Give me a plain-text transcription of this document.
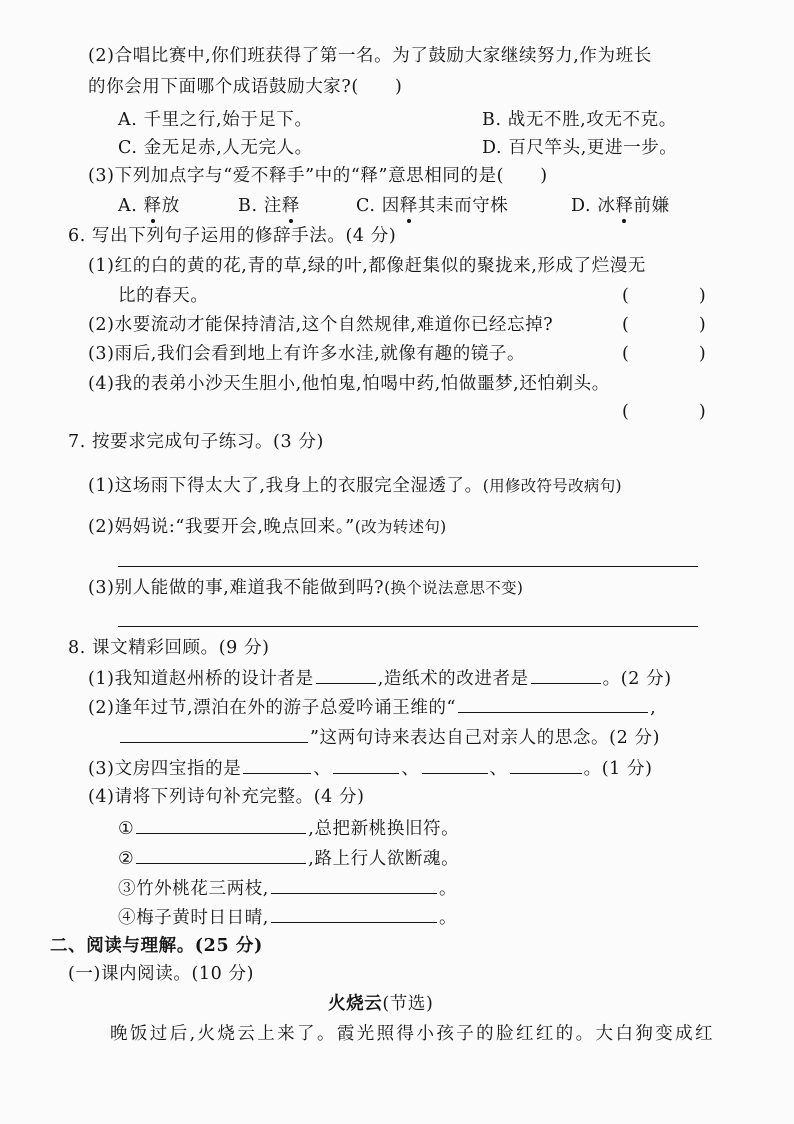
(2)合唱比赛中,你们班获得了第一名。为了鼓励大家继续努力,作为班长
的你会用下面哪个成语鼓励大家?(　　)
A. 千里之行,始于足下。	B. 战无不胜,攻无不克。
C. 金无足赤,人无完人。	D. 百尺竿头,更进一步。
(3)下列加点字与“爱不释手”中的“释”意思相同的是(　　)
A. 释放	B. 注释	C. 因释其耒而守株	D. 冰释前嫌
6. 写出下列句子运用的修辞手法。(4 分)
(1)红的白的黄的花,青的草,绿的叶,都像赶集似的聚拢来,形成了烂漫无
比的春天。	(　　　　)
(2)水要流动才能保持清洁,这个自然规律,难道你已经忘掉?	(　　　　)
(3)雨后,我们会看到地上有许多水洼,就像有趣的镜子。	(　　　　)
(4)我的表弟小沙天生胆小,他怕鬼,怕喝中药,怕做噩梦,还怕剃头。
(　　　　)
7. 按要求完成句子练习。(3 分)
(1)这场雨下得太大了,我身上的衣服完全湿透了。(用修改符号改病句)
(2)妈妈说:“我要开会,晚点回来。”(改为转述句)
(3)别人能做的事,难道我不能做到吗?(换个说法意思不变)
8. 课文精彩回顾。(9 分)
(1)我知道赵州桥的设计者是	,造纸术的改进者是	。(2 分)
(2)逢年过节,漂泊在外的游子总爱吟诵王维的“	,
”这两句诗来表达自己对亲人的思念。(2 分)
(3)文房四宝指的是	、	、	、	。(1 分)
(4)请将下列诗句补充完整。(4 分)
①	,总把新桃换旧符。
②	,路上行人欲断魂。
③竹外桃花三两枝,	。
④梅子黄时日日晴,	。
二、阅读与理解。(25 分)
(一)课内阅读。(10 分)
火烧云(节选)
晚饭过后,火烧云上来了。霞光照得小孩子的脸红红的。大白狗变成红
